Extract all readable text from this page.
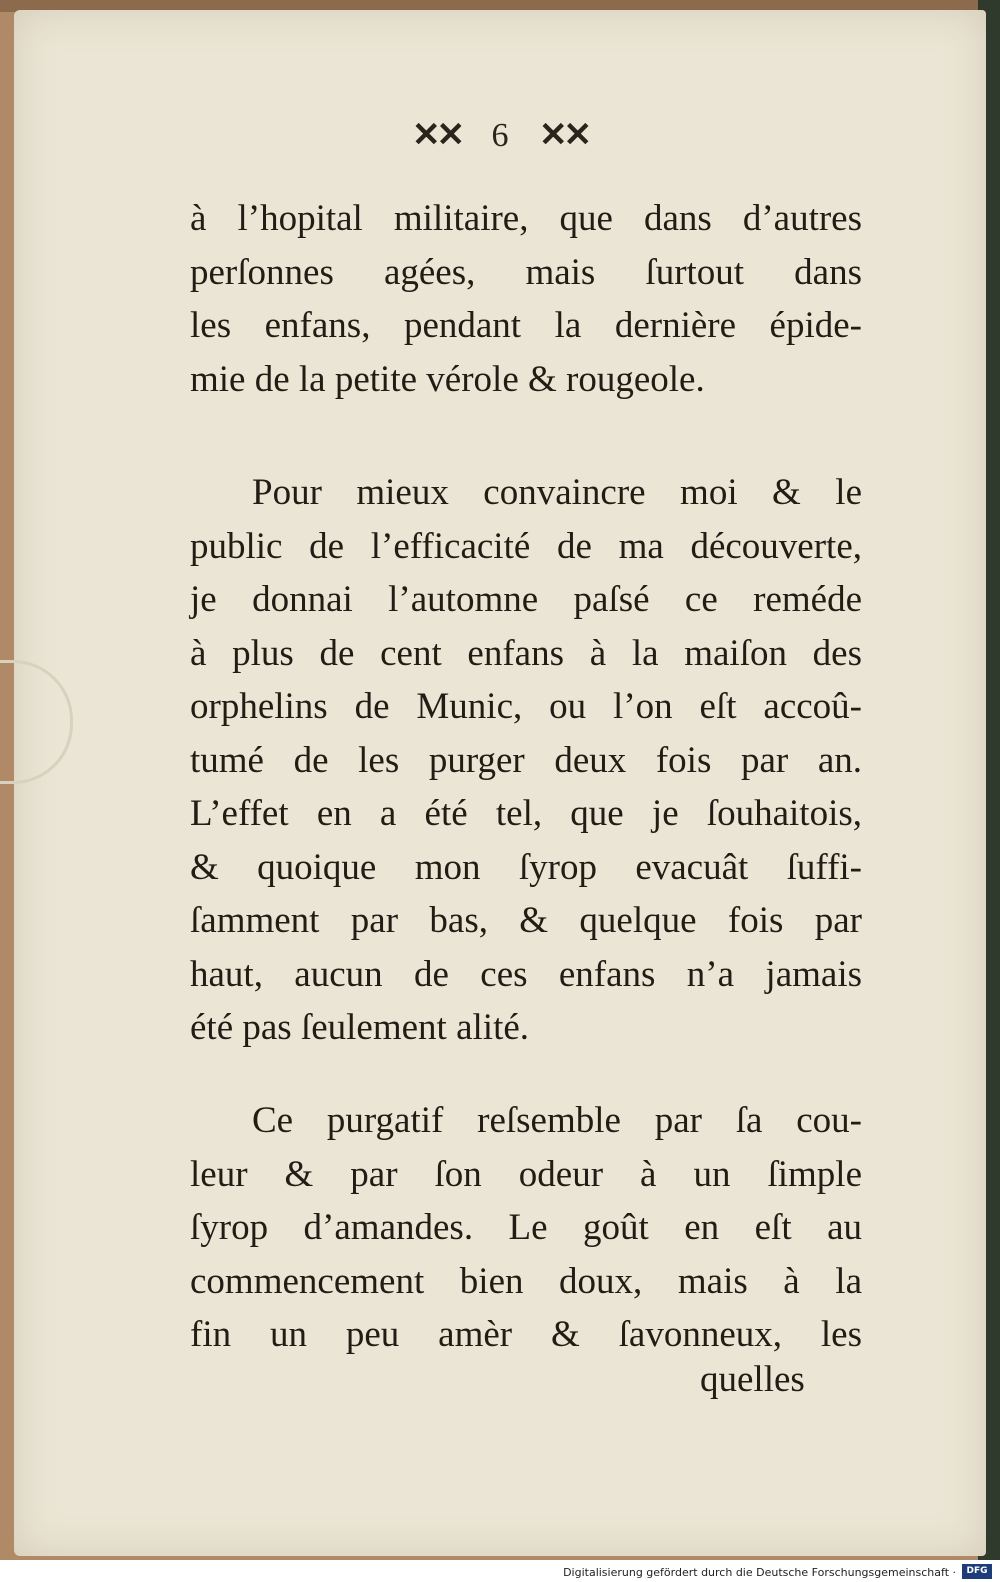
✕✕ 6 ✕✕
à l’hopital militaire, que dans d’autres
perſonnes agées, mais ſurtout dans
les enfans, pendant la dernière épide-
mie de la petite vérole & rougeole.
Pour mieux convaincre moi & le
public de l’efficacité de ma découverte,
je donnai l’automne paſsé ce reméde
à plus de cent enfans à la maiſon des
orphelins de Munic, ou l’on eſt accoû-
tumé de les purger deux fois par an.
L’effet en a été tel, que je ſouhaitois,
& quoique mon ſyrop evacuât ſuffi-
ſamment par bas, & quelque fois par
haut, aucun de ces enfans n’a jamais
été pas ſeulement alité.
Ce purgatif reſsemble par ſa cou-
leur & par ſon odeur à un ſimple
ſyrop d’amandes. Le goût en eſt au
commencement bien doux, mais à la
fin un peu amèr & ſavonneux, les
quelles
Digitalisierung gefördert durch die Deutsche Forschungsgemeinschaft ·	DFG
